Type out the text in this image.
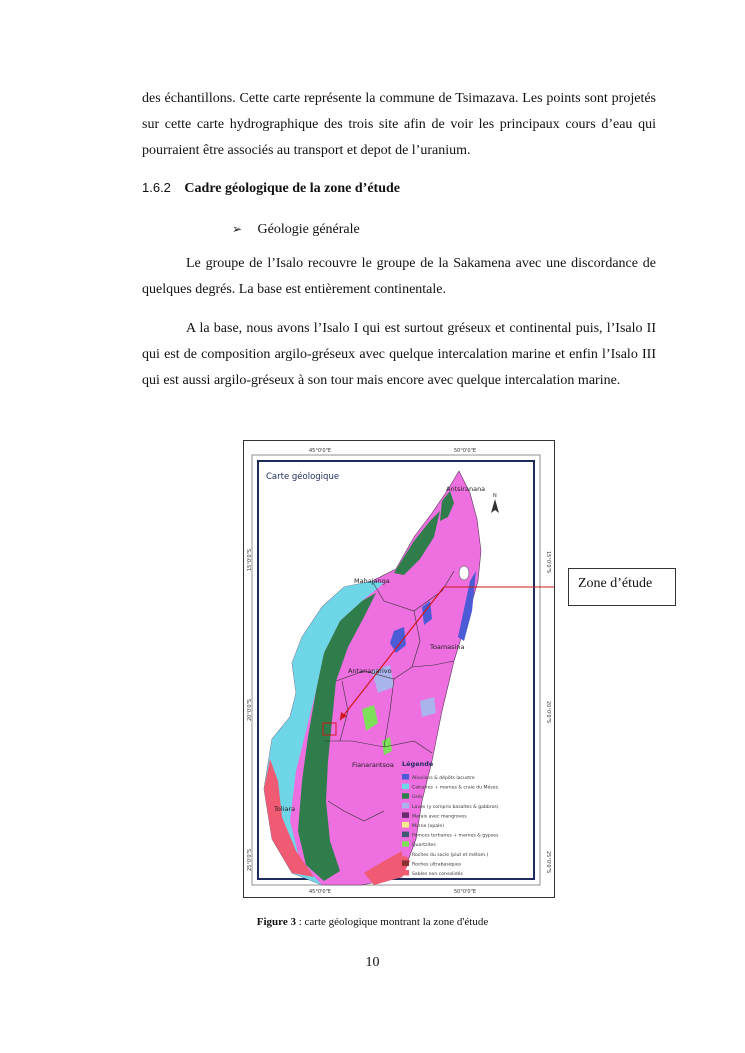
des échantillons. Cette carte représente la commune de Tsimazava. Les points sont projetés sur cette carte hydrographique des trois site afin de voir les principaux cours d’eau qui pourraient être associés au transport et depot de l’uranium.

1.6.2 Cadre géologique de la zone d’étude
➢ Géologie générale

Le groupe de l’Isalo recouvre le groupe de la Sakamena avec une discordance de quelques degrés. La base est entièrement continentale.

A la base, nous avons l’Isalo I qui est surtout gréseux et continental puis, l’Isalo II qui est de composition argilo-gréseux avec quelque intercalation marine et enfin l’Isalo III qui est aussi argilo-gréseux à son tour mais encore avec quelque intercalation marine.

45°0'0"E	50°0'0"E
45°0'0"E	50°0'0"E
15°0'0"S
20°0'0"S
25°0'0"S
15°0'0"S
20°0'0"S
25°0'0"S
Carte géologique
N
Antsiranana
Mahajanga
Toamasina
Antananarivo
Fianarantsoa
Toliara
Légende
Alluvions & dépôts lacustre
Calcaires + marnes & craie du Mésoz.
Grés
Laves (y compris basaltes & gabbros)
Marais avec mangroves
Marne (opale)
Pomces tertiaires + marnes & gypses
Quartzites
Roches du socle (plut et métam.)
Roches ultrabasiques
Sables non consolidés
Zone d’étude
Figure 3 : carte géologique montrant la zone d'étude
10
